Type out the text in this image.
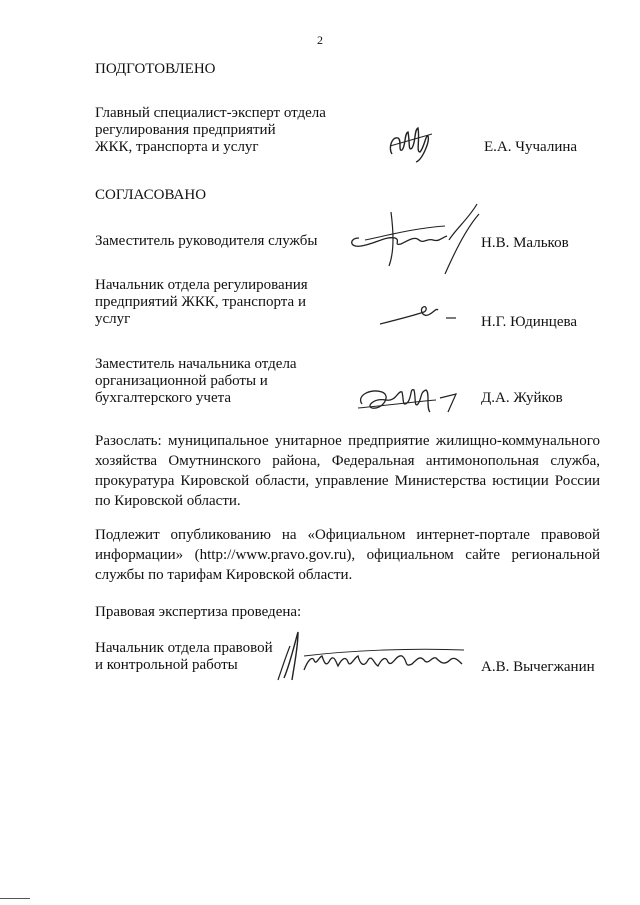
2
ПОДГОТОВЛЕНО
Главный специалист-эксперт отдела
регулирования предприятий
ЖКК, транспорта и услуг	Е.А. Чучалина
СОГЛАСОВАНО
Заместитель руководителя службы	Н.В. Мальков
Начальник отдела регулирования
предприятий ЖКК, транспорта и
услуг	Н.Г. Юдинцева
Заместитель начальника отдела
организационной работы и
бухгалтерского учета	Д.А. Жуйков
Разослать: муниципальное унитарное предприятие жилищно-коммунального хозяйства Омутнинского района, Федеральная антимонопольная служба, прокуратура Кировской области, управление Министерства юстиции России по Кировской области.
Подлежит опубликованию на «Официальном интернет-портале правовой информации» (http://www.pravo.gov.ru), официальном сайте региональной службы по тарифам Кировской области.
Правовая экспертиза проведена:
Начальник отдела правовой
и контрольной работы	А.В. Вычегжанин
